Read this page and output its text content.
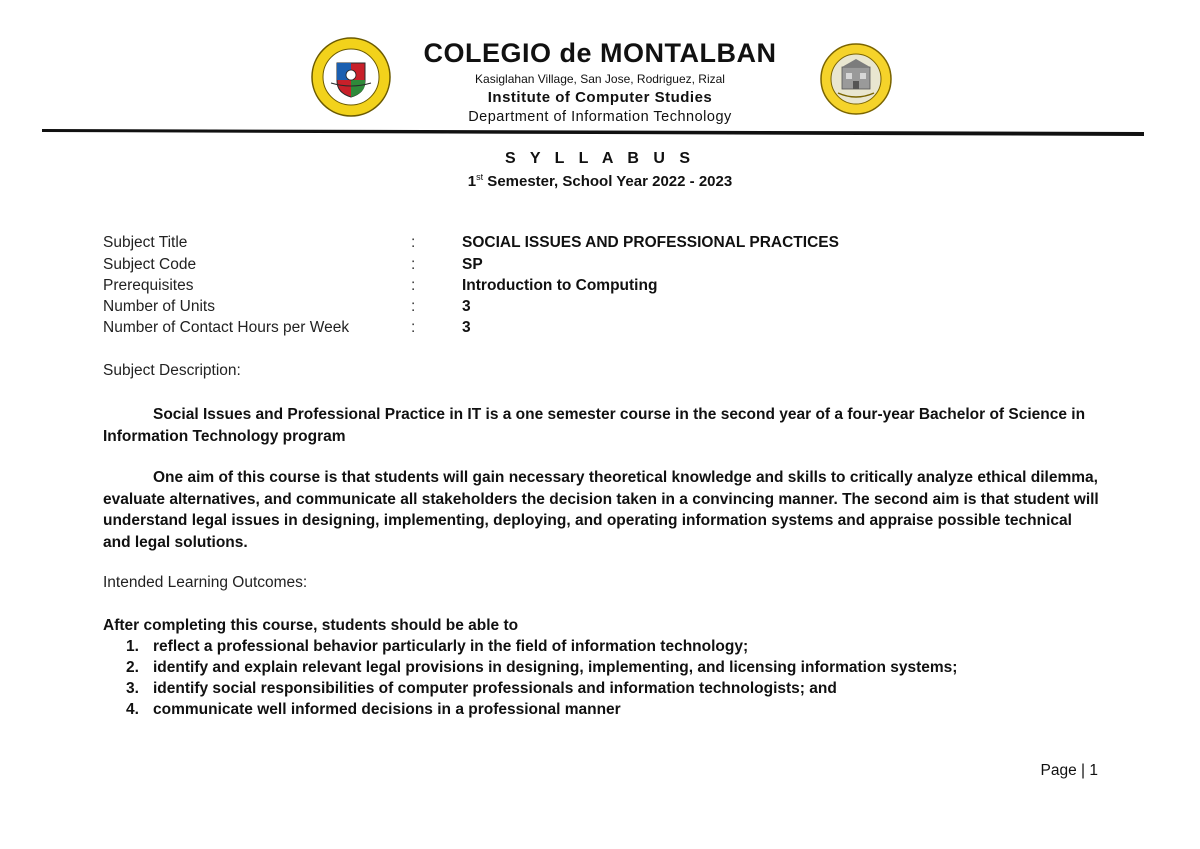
COLEGIO de MONTALBAN
Kasiglahan Village, San Jose, Rodriguez, Rizal
Institute of Computer Studies
Department of Information Technology
S Y L L A B U S
1st Semester, School Year 2022 - 2023
Subject Title	:	SOCIAL ISSUES AND PROFESSIONAL PRACTICES
Subject Code	:	SP
Prerequisites	:	Introduction to Computing
Number of Units	:	3
Number of Contact Hours per Week	:	3
Subject Description:
Social Issues and Professional Practice in IT is a one semester course in the second year of a four-year Bachelor of Science in Information Technology program
One aim of this course is that students will gain necessary theoretical knowledge and skills to critically analyze ethical dilemma, evaluate alternatives, and communicate all stakeholders the decision taken in a convincing manner. The second aim is that student will understand legal issues in designing, implementing, deploying, and operating information systems and appraise possible technical and legal solutions.
Intended Learning Outcomes:
After completing this course, students should be able to
1. reflect a professional behavior particularly in the field of information technology;
2. identify and explain relevant legal provisions in designing, implementing, and licensing information systems;
3. identify social responsibilities of computer professionals and information technologists; and
4. communicate well informed decisions in a professional manner
Page | 1
